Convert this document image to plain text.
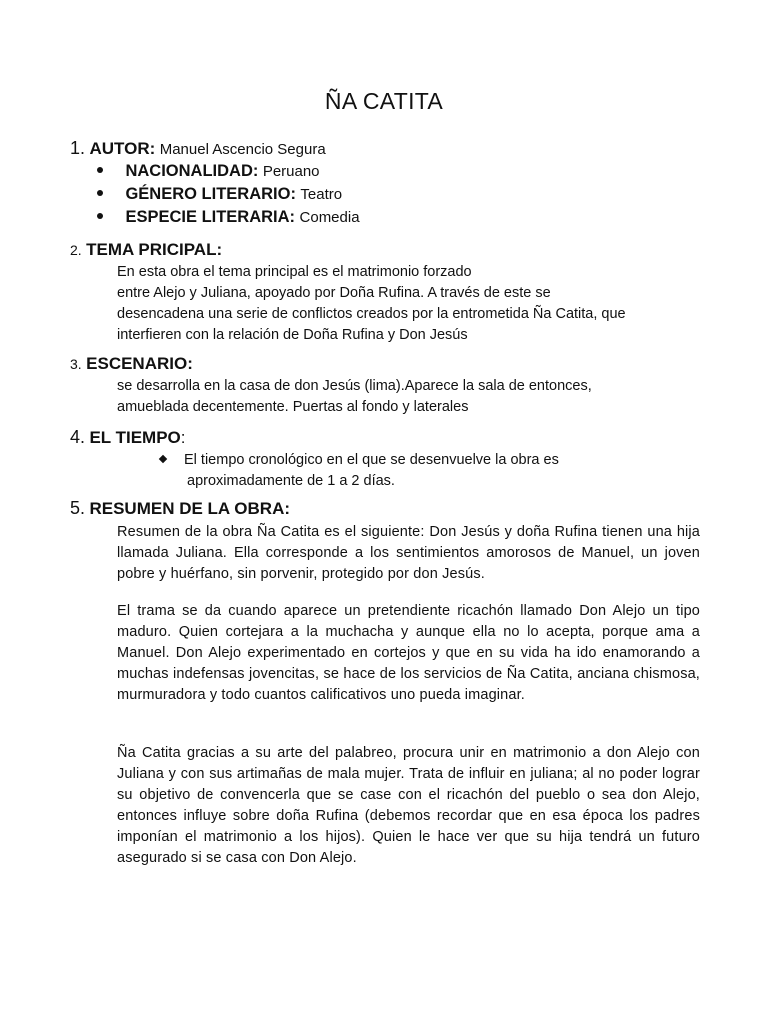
ÑA CATITA
1. AUTOR: Manuel Ascencio Segura
NACIONALIDAD: Peruano
GÉNERO LITERARIO: Teatro
ESPECIE LITERARIA: Comedia
2. TEMA PRICIPAL:
En esta obra el tema principal es el matrimonio forzado
entre Alejo y Juliana, apoyado por Doña Rufina. A través de este se
desencadena una serie de conflictos creados por la entrometida Ña Catita, que
interfieren con la relación de Doña Rufina y Don Jesús
3. ESCENARIO:
se desarrolla en la casa de don Jesús (lima).Aparece la sala de entonces,
amueblada decentemente. Puertas al fondo y laterales
4. EL TIEMPO:
El tiempo cronológico en el que se desenvuelve la obra es
aproximadamente de 1 a 2 días.
5. RESUMEN DE LA OBRA:
Resumen de la obra Ña Catita es el siguiente: Don Jesús y doña Rufina tienen una hija llamada Juliana. Ella corresponde a los sentimientos amorosos de Manuel, un joven pobre y huérfano, sin porvenir, protegido por don Jesús.
El trama se da cuando aparece un pretendiente ricachón llamado Don Alejo un tipo maduro. Quien cortejara a la muchacha y aunque ella no lo acepta, porque ama a Manuel. Don Alejo experimentado en cortejos y que en su vida ha ido enamorando a muchas indefensas jovencitas, se hace de los servicios de Ña Catita, anciana chismosa, murmuradora y todo cuantos calificativos uno pueda imaginar.
Ña Catita gracias a su arte del palabreo, procura unir en matrimonio a don Alejo con Juliana y con sus artimañas de mala mujer. Trata de influir en juliana; al no poder lograr su objetivo de convencerla que se case con el ricachón del pueblo o sea don Alejo, entonces influye sobre doña Rufina (debemos recordar que en esa época los padres imponían el matrimonio a los hijos). Quien le hace ver que su hija tendrá un futuro asegurado si se casa con Don Alejo.
